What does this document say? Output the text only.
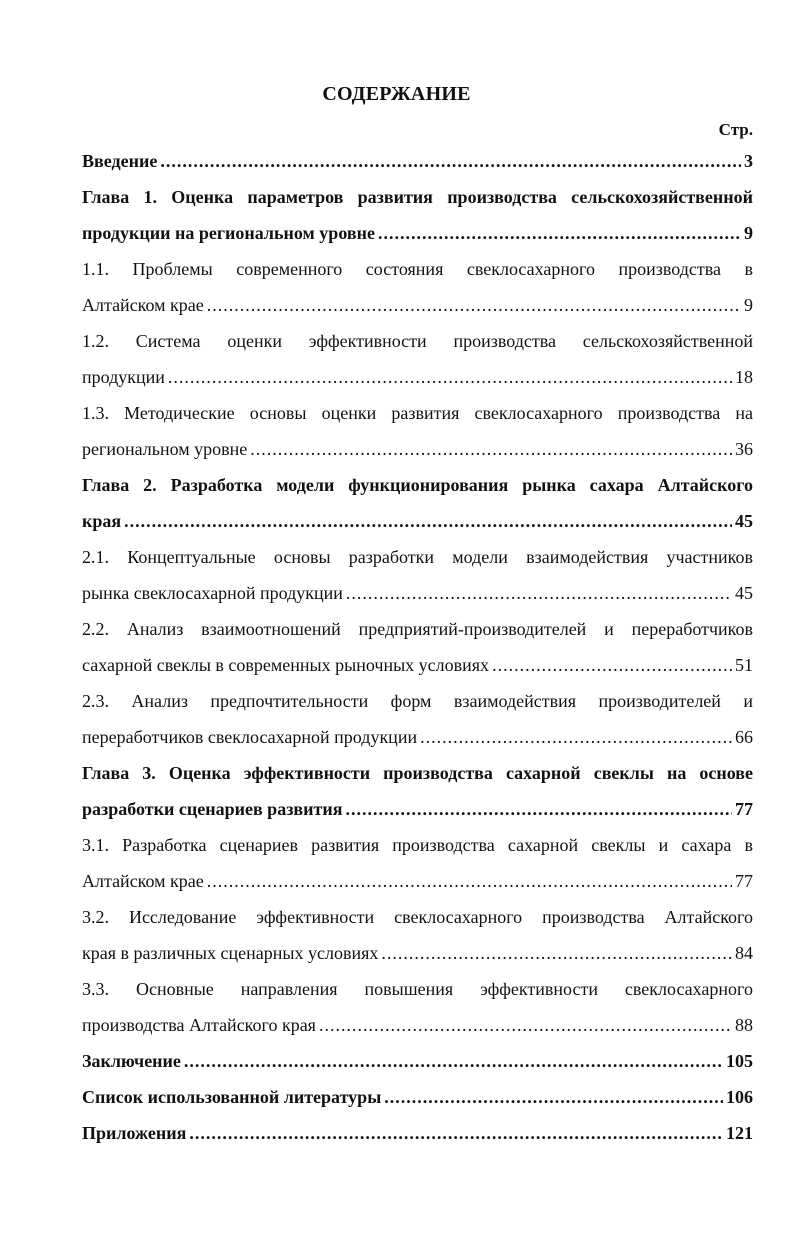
СОДЕРЖАНИЕ
Стр.
Введение .....	3
Глава 1. Оценка параметров развития производства сельскохозяйственной
продукции на региональном уровне .....	9
1.1. Проблемы современного состояния свеклосахарного производства в
Алтайском крае .....	9
1.2. Система оценки эффективности производства сельскохозяйственной
продукции .....	18
1.3. Методические основы оценки развития свеклосахарного производства на
региональном уровне .....	36
Глава 2. Разработка модели функционирования рынка сахара Алтайского
края .....	45
2.1. Концептуальные основы разработки модели взаимодействия участников
рынка свеклосахарной продукции .....	45
2.2. Анализ взаимоотношений предприятий-производителей и переработчиков
сахарной свеклы в современных рыночных условиях .....	51
2.3. Анализ предпочтительности форм взаимодействия производителей и
переработчиков свеклосахарной продукции .....	66
Глава 3. Оценка эффективности производства сахарной свеклы на основе
разработки сценариев развития .....	77
3.1. Разработка сценариев развития производства сахарной свеклы и сахара в
Алтайском крае .....	77
3.2. Исследование эффективности свеклосахарного производства Алтайского
края в различных сценарных условиях .....	84
3.3. Основные направления повышения эффективности свеклосахарного
производства Алтайского края .....	88
Заключение .....	105
Список использованной литературы .....	106
Приложения .....	121
